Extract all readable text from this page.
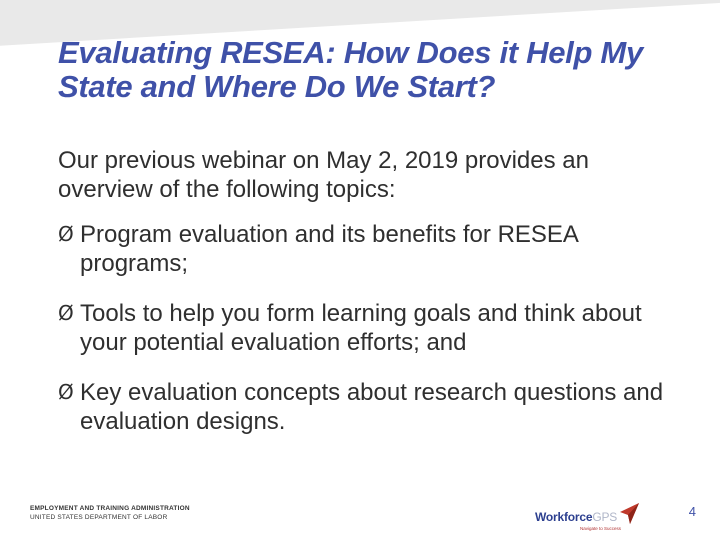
Evaluating RESEA: How Does it Help My State and Where Do We Start?

Our previous webinar on May 2, 2019 provides an overview of the following topics:

Ø Program evaluation and its benefits for RESEA programs;
Ø Tools to help you form learning goals and think about your potential evaluation efforts; and
Ø Key evaluation concepts about research questions and evaluation designs.
EMPLOYMENT AND TRAINING ADMINISTRATION
UNITED STATES DEPARTMENT OF LABOR	WorkforceGPS
Navigate to Success
4
